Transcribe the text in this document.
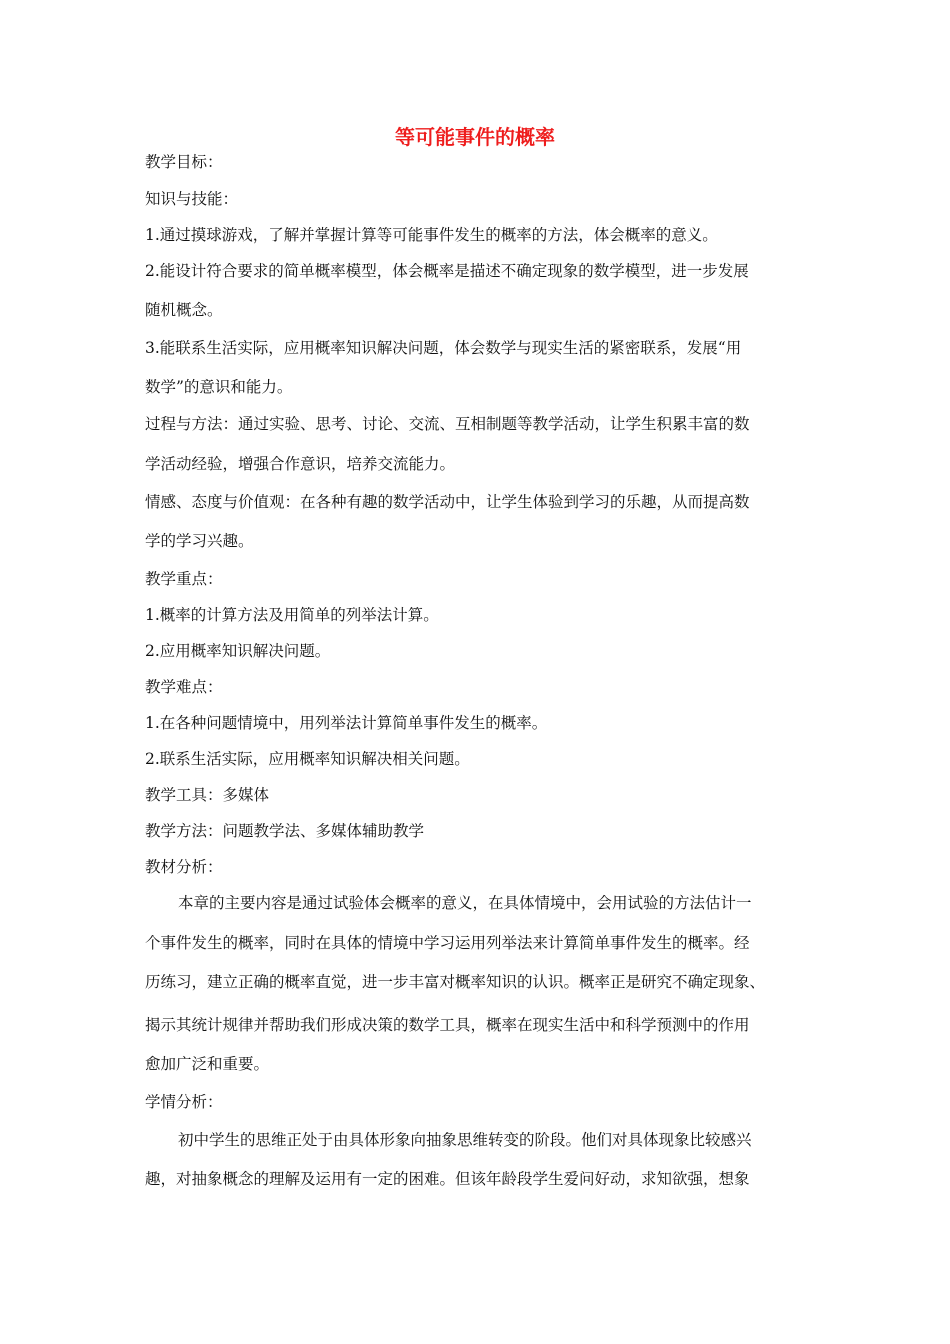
等可能事件的概率
教学目标：
知识与技能：
1.通过摸球游戏，了解并掌握计算等可能事件发生的概率的方法，体会概率的意义。
2.能设计符合要求的简单概率模型，体会概率是描述不确定现象的数学模型，进一步发展
随机概念。
3.能联系生活实际，应用概率知识解决问题，体会数学与现实生活的紧密联系，发展“用
数学”的意识和能力。
过程与方法：通过实验、思考、讨论、交流、互相制题等教学活动，让学生积累丰富的数
学活动经验，增强合作意识，培养交流能力。
情感、态度与价值观：在各种有趣的数学活动中，让学生体验到学习的乐趣，从而提高数
学的学习兴趣。
教学重点：
1.概率的计算方法及用简单的列举法计算。
2.应用概率知识解决问题。
教学难点：
1.在各种问题情境中，用列举法计算简单事件发生的概率。
2.联系生活实际，应用概率知识解决相关问题。
教学工具：多媒体
教学方法：问题教学法、多媒体辅助教学
教材分析：
本章的主要内容是通过试验体会概率的意义，在具体情境中，会用试验的方法估计一
个事件发生的概率，同时在具体的情境中学习运用列举法来计算简单事件发生的概率。经
历练习，建立正确的概率直觉，进一步丰富对概率知识的认识。概率正是研究不确定现象、
揭示其统计规律并帮助我们形成决策的数学工具，概率在现实生活中和科学预测中的作用
愈加广泛和重要。
学情分析：
初中学生的思维正处于由具体形象向抽象思维转变的阶段。他们对具体现象比较感兴
趣，对抽象概念的理解及运用有一定的困难。但该年龄段学生爱问好动，求知欲强，想象
